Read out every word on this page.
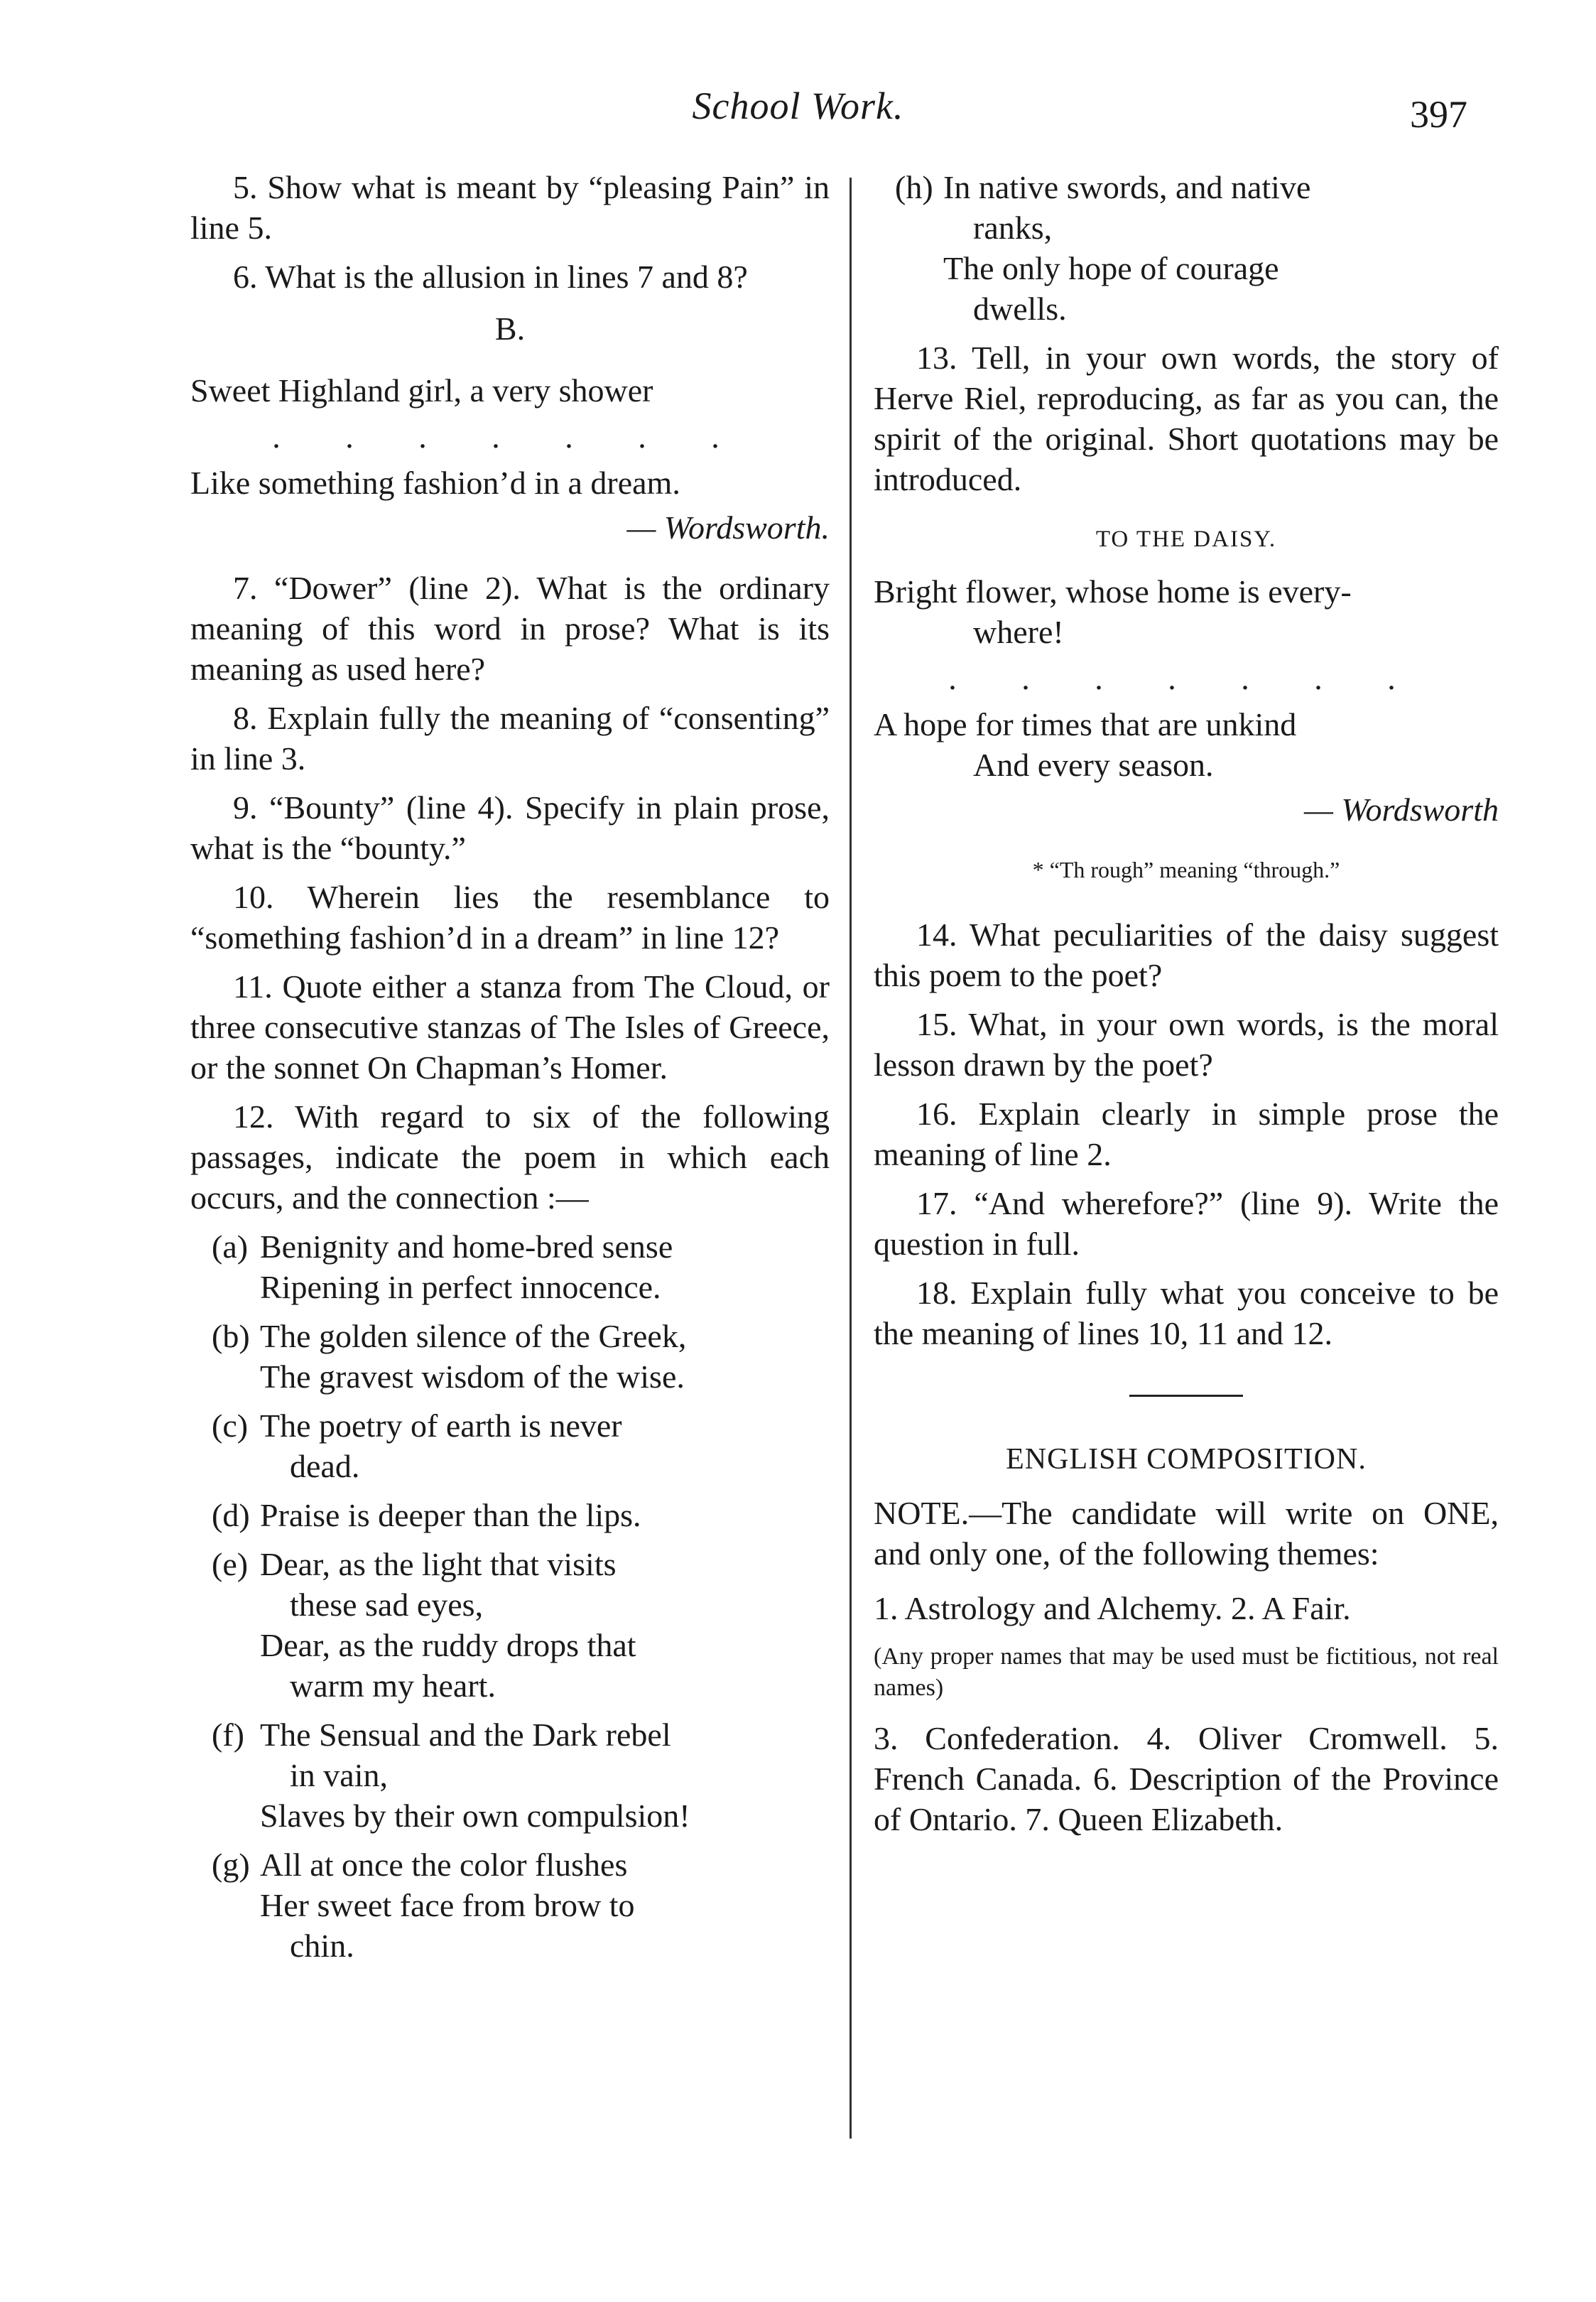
School Work.	397

5. Show what is meant by “pleasing Pain” in line 5.

6. What is the allusion in lines 7 and 8?

B.

Sweet Highland girl, a very shower

. . . . . . .

Like something fashion’d in a dream.

— Wordsworth.

7. “Dower” (line 2). What is the ordinary meaning of this word in prose? What is its meaning as used here?

8. Explain fully the meaning of “consenting” in line 3.

9. “Bounty” (line 4). Specify in plain prose, what is the “bounty.”

10. Wherein lies the resemblance to “something fashion’d in a dream” in line 12?

11. Quote either a stanza from The Cloud, or three consecutive stanzas of The Isles of Greece, or the sonnet On Chapman’s Homer.

12. With regard to six of the following passages, indicate the poem in which each occurs, and the connection :—

(a) Benignity and home-bred sense
Ripening in perfect innocence.
(b) The golden silence of the Greek,
The gravest wisdom of the wise.
(c) The poetry of earth is never
dead.
(d) Praise is deeper than the lips.
(e) Dear, as the light that visits
these sad eyes,
Dear, as the ruddy drops that
warm my heart.
(f) The Sensual and the Dark rebel
in vain,
Slaves by their own compulsion!
(g) All at once the color flushes
Her sweet face from brow to
chin.
(h) In native swords, and native
ranks,
The only hope of courage
dwells.

13. Tell, in your own words, the story of Herve Riel, reproducing, as far as you can, the spirit of the original. Short quotations may be introduced.

TO THE DAISY.

Bright flower, whose home is every-

where!

. . . . . . .

A hope for times that are unkind

And every season.

— Wordsworth

* “Th rough” meaning “through.”

14. What peculiarities of the daisy suggest this poem to the poet?

15. What, in your own words, is the moral lesson drawn by the poet?

16. Explain clearly in simple prose the meaning of line 2.

17. “And wherefore?” (line 9). Write the question in full.

18. Explain fully what you conceive to be the meaning of lines 10, 11 and 12.

ENGLISH COMPOSITION.

NOTE.—The candidate will write on ONE, and only one, of the following themes:

1. Astrology and Alchemy. 2. A Fair.

(Any proper names that may be used must be fictitious, not real names)

3. Confederation. 4. Oliver Cromwell. 5. French Canada. 6. Description of the Province of Ontario. 7. Queen Elizabeth.
